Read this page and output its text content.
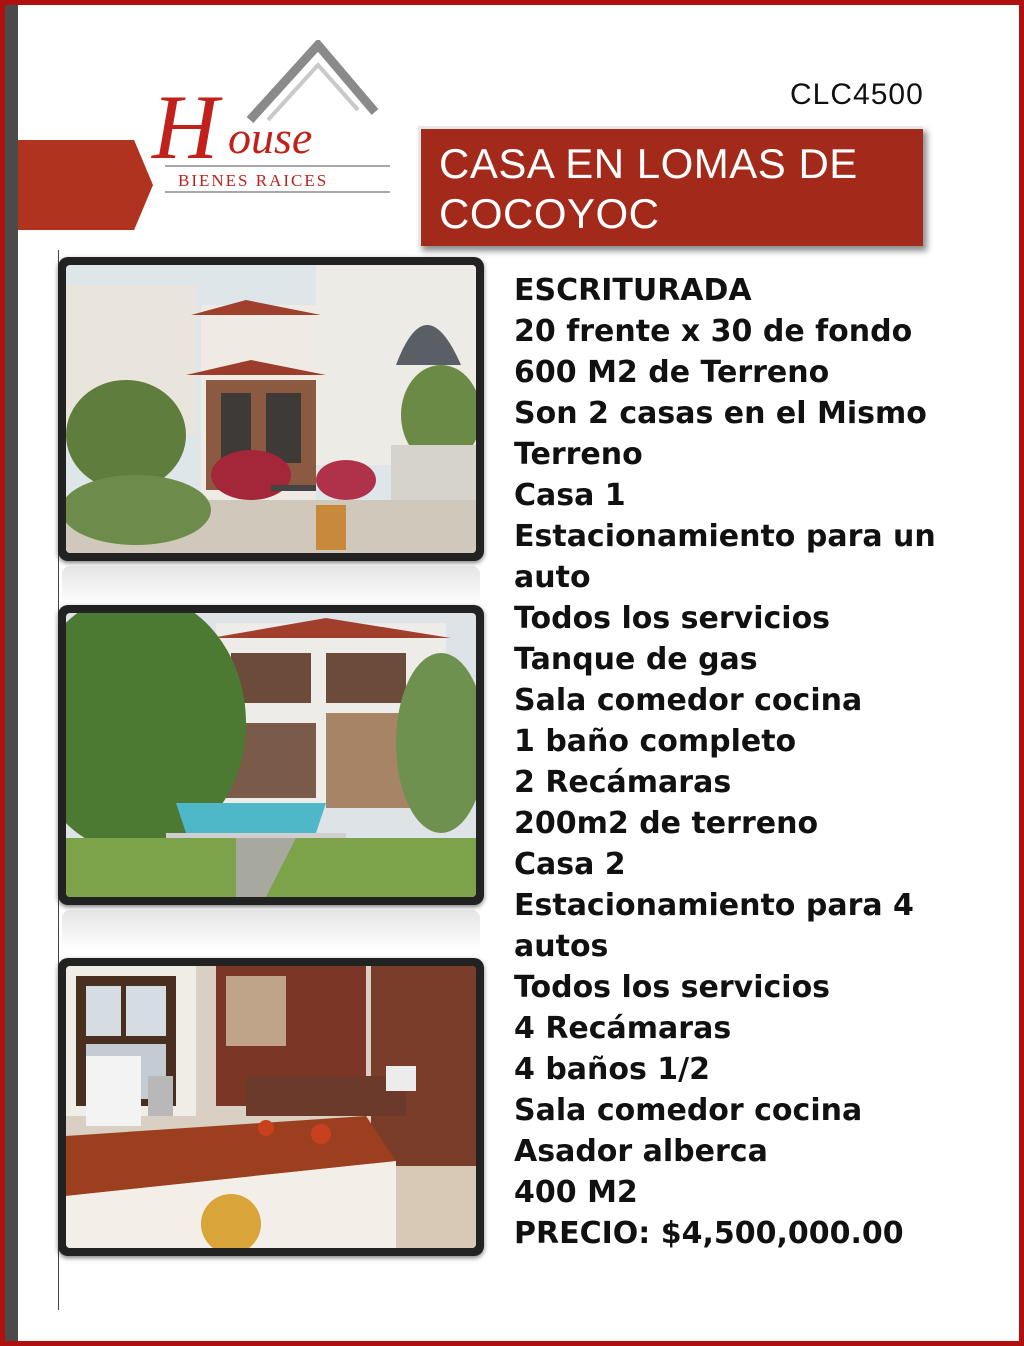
H ouse
BIENES RAICES
CLC4500
CASA EN LOMAS DE COCOYOC
ESCRITURADA
20 frente x 30 de fondo
600 M2 de Terreno
Son 2 casas en el Mismo Terreno
Casa 1
Estacionamiento para un auto
Todos los servicios
Tanque de gas
Sala comedor cocina
1 baño completo
2 Recámaras
200m2 de terreno
Casa 2
Estacionamiento para 4 autos
Todos los servicios
4 Recámaras
4 baños 1/2
Sala comedor cocina
Asador alberca
400 M2
PRECIO: $4,500,000.00
